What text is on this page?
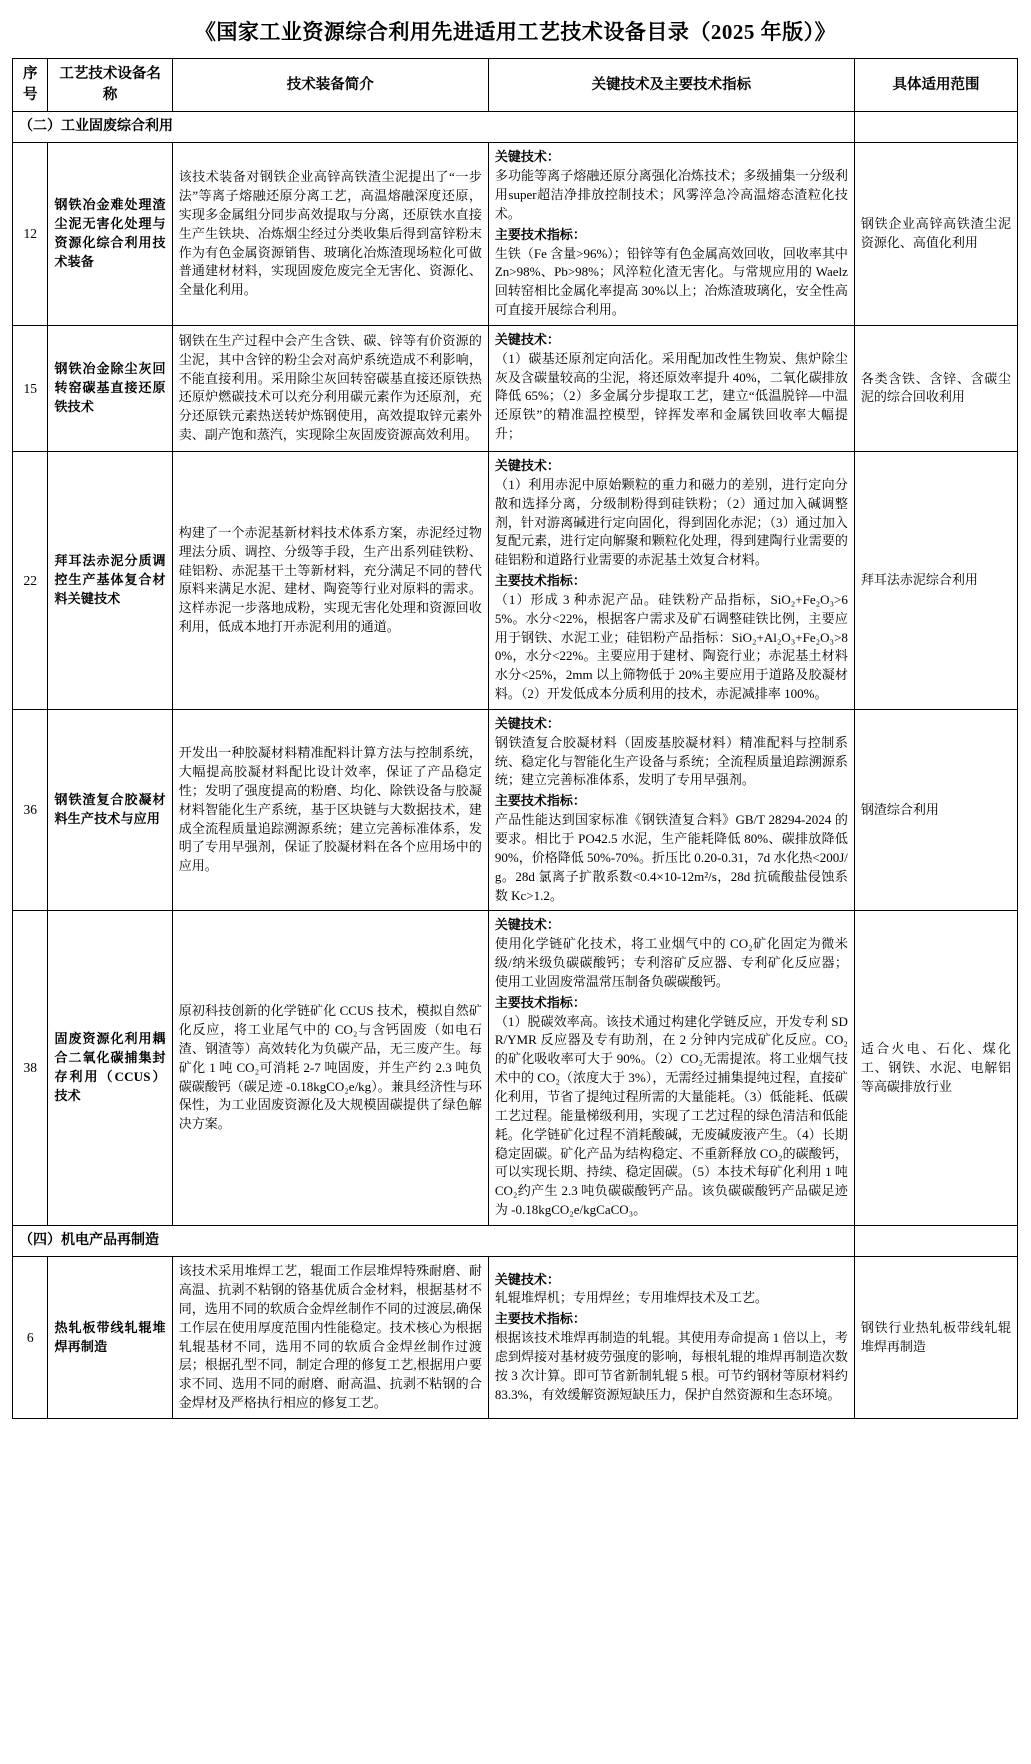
《国家工业资源综合利用先进适用工艺技术设备目录（2025 年版）》
序号	工艺技术设备名称	技术装备简介	关键技术及主要技术指标	具体适用范围
（二）工业固废综合利用				
12	钢铁冶金难处理渣尘泥无害化处理与资源化综合利用技术装备	该技术装备对钢铁企业高锌高铁渣尘泥提出了“一步法”等离子熔融还原分离工艺，高温熔融深度还原，实现多金属组分同步高效提取与分离，还原铁水直接生产生铁块、冶炼烟尘经过分类收集后得到富锌粉末作为有色金属资源销售、玻璃化冶炼渣现场粒化可做普通建材材料，实现固废危废完全无害化、资源化、全量化利用。	关键技术：
多功能等离子熔融还原分离强化冶炼技术；多级捕集一分级利用super超洁净排放控制技术；风雾淬急冷高温熔态渣粒化技术。
主要技术指标：
生铁（Fe 含量>96%）；铅锌等有色金属高效回收，回收率其中 Zn>98%、Pb>98%；风淬粒化渣无害化。与常规应用的 Waelz 回转窑相比金属化率提高 30%以上；冶炼渣玻璃化，安全性高可直接开展综合利用。	钢铁企业高锌高铁渣尘泥资源化、高值化利用
15	钢铁冶金除尘灰回转窑碳基直接还原铁技术	钢铁在生产过程中会产生含铁、碳、锌等有价资源的尘泥，其中含锌的粉尘会对高炉系统造成不利影响，不能直接利用。采用除尘灰回转窑碳基直接还原铁热还原炉燃碳技术可以充分利用碳元素作为还原剂，充分还原铁元素热送转炉炼钢使用，高效提取锌元素外卖、副产饱和蒸汽，实现除尘灰固废资源高效利用。	关键技术：
（1）碳基还原剂定向活化。采用配加改性生物炭、焦炉除尘灰及含碳量较高的尘泥，将还原效率提升 40%，二氧化碳排放降低 65%；（2）多金属分步提取工艺，建立“低温脱锌—中温还原铁”的精准温控模型，锌挥发率和金属铁回收率大幅提升；	各类含铁、含锌、含碳尘泥的综合回收利用
22	拜耳法赤泥分质调控生产基体复合材料关键技术	构建了一个赤泥基新材料技术体系方案，赤泥经过物理法分质、调控、分级等手段，生产出系列硅铁粉、硅铝粉、赤泥基干土等新材料，充分满足不同的替代原料来满足水泥、建材、陶瓷等行业对原料的需求。这样赤泥一步落地成粉，实现无害化处理和资源回收利用，低成本地打开赤泥利用的通道。	关键技术：
（1）利用赤泥中原始颗粒的重力和磁力的差别，进行定向分散和选择分离，分级制粉得到硅铁粉；（2）通过加入碱调整剂，针对游离碱进行定向固化，得到固化赤泥；（3）通过加入复配元素，进行定向解聚和颗粒化处理，得到建陶行业需要的硅铝粉和道路行业需要的赤泥基土效复合材料。
主要技术指标：
（1）形成 3 种赤泥产品。硅铁粉产品指标，SiO₂+Fe₂O₃>65%。水分<22%，根据客户需求及矿石调整硅铁比例，主要应用于钢铁、水泥工业；硅铝粉产品指标：SiO₂+Al₂O₃+Fe₂O₃>80%，水分<22%。主要应用于建材、陶瓷行业；赤泥基土材料水分<25%，2mm 以上筛物低于 20%主要应用于道路及胶凝材料。（2）开发低成本分质利用的技术，赤泥减排率 100%。	拜耳法赤泥综合利用
36	钢铁渣复合胶凝材料生产技术与应用	开发出一种胶凝材料精准配料计算方法与控制系统，大幅提高胶凝材料配比设计效率，保证了产品稳定性；发明了强度提高的粉磨、均化、除铁设备与胶凝材料智能化生产系统，基于区块链与大数据技术，建成全流程质量追踪溯源系统；建立完善标准体系，发明了专用早强剂，保证了胶凝材料在各个应用场中的应用。	关键技术：
钢铁渣复合胶凝材料（固废基胶凝材料）精准配料与控制系统、稳定化与智能化生产设备与系统；全流程质量追踪溯源系统；建立完善标准体系，发明了专用早强剂。
主要技术指标：
产品性能达到国家标准《钢铁渣复合料》GB/T 28294-2024 的要求。相比于 PO42.5 水泥，生产能耗降低 80%、碳排放降低 90%，价格降低 50%-70%。折压比 0.20-0.31，7d 水化热<200J/g。28d 氯离子扩散系数<0.4×10-12m²/s，28d 抗硫酸盐侵蚀系数 Kc>1.2。	钢渣综合利用
38	固废资源化利用耦合二氧化碳捕集封存利用（CCUS）技术	原初科技创新的化学链矿化 CCUS 技术，模拟自然矿化反应，将工业尾气中的 CO₂与含钙固废（如电石渣、钢渣等）高效转化为负碳产品，无三废产生。每矿化 1 吨 CO₂可消耗 2-7 吨固废，并生产约 2.3 吨负碳碳酸钙（碳足迹 -0.18kgCO₂e/kg）。兼具经济性与环保性，为工业固废资源化及大规模固碳提供了绿色解决方案。	关键技术：
使用化学链矿化技术，将工业烟气中的 CO₂矿化固定为微米级/纳米级负碳碳酸钙；专利溶矿反应器、专利矿化反应器；使用工业固废常温常压制备负碳碳酸钙。
主要技术指标：
（1）脱碳效率高。该技术通过构建化学链反应，开发专利 SDR/YMR 反应器及专有助剂，在 2 分钟内完成矿化反应。CO₂的矿化吸收率可大于 90%。（2）CO₂无需提浓。将工业烟气技术中的 CO₂（浓度大于 3%），无需经过捕集提纯过程，直接矿化利用，节省了提纯过程所需的大量能耗。（3）低能耗、低碳工艺过程。能量梯级利用，实现了工艺过程的绿色清洁和低能耗。化学链矿化过程不消耗酸碱，无废碱废液产生。（4）长期稳定固碳。矿化产品为结构稳定、不重新释放 CO₂的碳酸钙，可以实现长期、持续、稳定固碳。（5）本技术每矿化利用 1 吨 CO₂约产生 2.3 吨负碳碳酸钙产品。该负碳碳酸钙产品碳足迹为 -0.18kgCO₂e/kgCaCO₃。	适合火电、石化、煤化工、钢铁、水泥、电解铝等高碳排放行业
（四）机电产品再制造				
6	热轧板带线轧辊堆焊再制造	该技术采用堆焊工艺，辊面工作层堆焊特殊耐磨、耐高温、抗剥不粘钢的铬基优质合金材料，根据基材不同，选用不同的软质合金焊丝制作不同的过渡层,确保工作层在使用厚度范围内性能稳定。技术核心为根据轧辊基材不同，选用不同的软质合金焊丝制作过渡层；根据孔型不同，制定合理的修复工艺,根据用户要求不同、选用不同的耐磨、耐高温、抗剥不粘钢的合金焊材及严格执行相应的修复工艺。	关键技术：
轧辊堆焊机；专用焊丝；专用堆焊技术及工艺。
主要技术指标：
根据该技术堆焊再制造的轧辊。其使用寿命提高 1 倍以上，考虑到焊接对基材疲劳强度的影响，每根轧辊的堆焊再制造次数按 3 次计算。即可节省新制轧辊 5 根。可节约钢材等原材料约 83.3%，有效缓解资源短缺压力，保护自然资源和生态环境。	钢铁行业热轧板带线轧辊堆焊再制造
